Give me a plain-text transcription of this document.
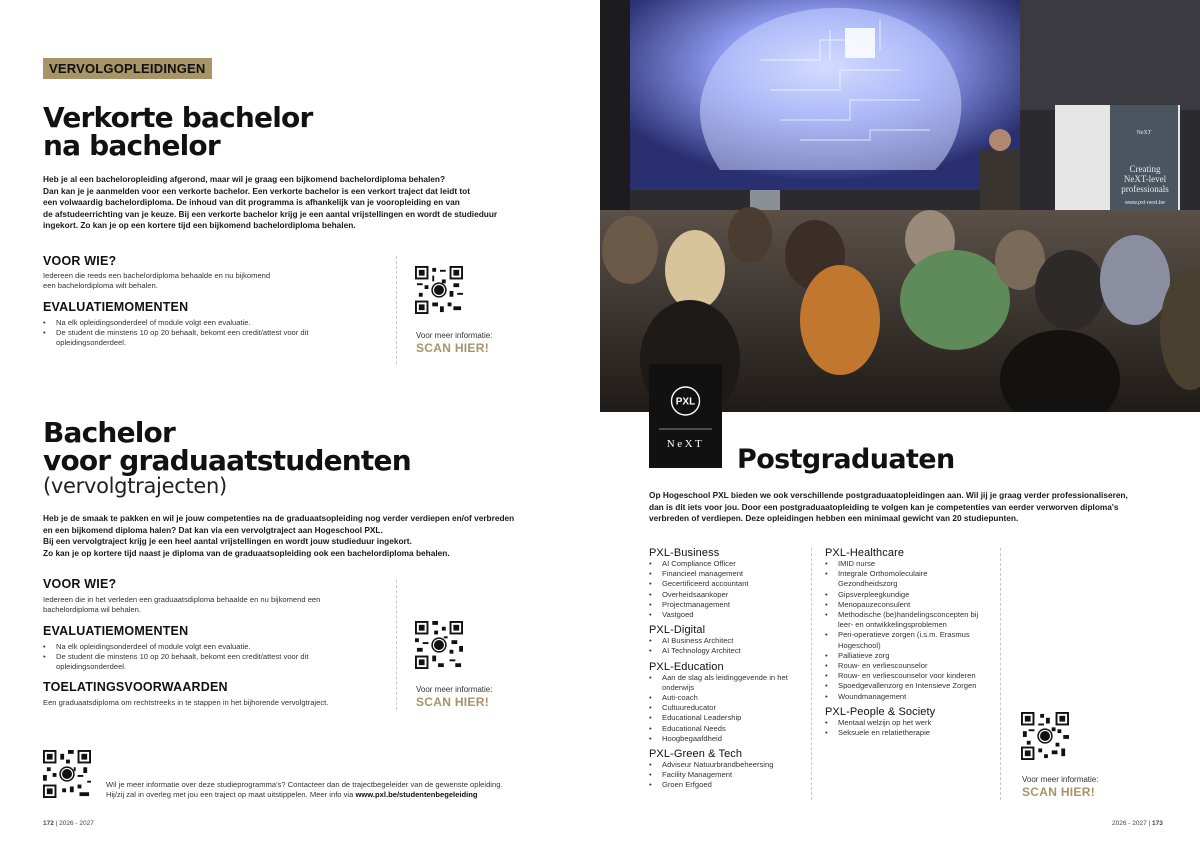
VERVOLGOPLEIDINGEN
Verkorte bachelor
na bachelor
Heb je al een bacheloropleiding afgerond, maar wil je graag een bijkomend bachelordiploma behalen?
Dan kan je je aanmelden voor een verkorte bachelor. Een verkorte bachelor is een verkort traject dat leidt tot
een volwaardig bachelordiploma. De inhoud van dit programma is afhankelijk van je vooropleiding en van
de afstudeerrichting van je keuze. Bij een verkorte bachelor krijg je een aantal vrijstellingen en wordt de studieduur
ingekort. Zo kan je op een kortere tijd een bijkomend bachelordiploma behalen.
VOOR WIE?
Iedereen die reeds een bachelordiploma behaalde en nu bijkomend
een bachelordiploma wilt behalen.
EVALUATIEMOMENTEN
• Na elk opleidingsonderdeel of module volgt een evaluatie.
• De student die minstens 10 op 20 behaalt, bekomt een credit/attest voor dit opleidingsonderdeel.
Voor meer informatie:
SCAN HIER!
Bachelor
voor graduaatstudenten
(vervolgtrajecten)
Heb je de smaak te pakken en wil je jouw competenties na de graduaatsopleiding nog verder verdiepen en/of verbreden
en een bijkomend diploma halen? Dat kan via een vervolgtraject aan Hogeschool PXL.
Bij een vervolgtraject krijg je een heel aantal vrijstellingen en wordt jouw studieduur ingekort.
Zo kan je op kortere tijd naast je diploma van de graduaatsopleiding ook een bachelordiploma behalen.
VOOR WIE?
Iedereen die in het verleden een graduaatsdiploma behaalde en nu bijkomend een
bachelordiploma wil behalen.
EVALUATIEMOMENTEN
• Na elk opleidingsonderdeel of module volgt een evaluatie.
• De student die minstens 10 op 20 behaalt, bekomt een credit/attest voor dit opleidingsonderdeel.
TOELATINGSVOORWAARDEN
Een graduaatsdiploma om rechtstreeks in te stappen in het bijhorende vervolgtraject.
Voor meer informatie:
SCAN HIER!
Wil je meer informatie over deze studieprogramma's? Contacteer dan de trajectbegeleider van de gewenste opleiding.
Hij/zij zal in overleg met jou een traject op maat uitstippelen. Meer info via www.pxl.be/studentenbegeleiding
172 | 2026 - 2027
Creating
NeXT-level
professionals
www.pxl-next.be
NeXT
PXL
NeXT Postgraduaten
Op Hogeschool PXL bieden we ook verschillende postgraduaatopleidingen aan. Wil jij je graag verder professionaliseren,
dan is dit iets voor jou. Door een postgraduaatopleiding te volgen kan je competenties van eerder verworven diploma's
verbreden of verdiepen. Deze opleidingen hebben een minimaal gewicht van 20 studiepunten.
PXL-Business
• AI Compliance Officer
• Financieel management
• Gecertificeerd accountant
• Overheidsaankoper
• Projectmanagement
• Vastgoed
PXL-Digital
• AI Business Architect
• AI Technology Architect
PXL-Education
• Aan de slag als leidinggevende in het onderwijs
• Auti-coach
• Cultuureducator
• Educational Leadership
• Educational Needs
• Hoogbegaafdheid
PXL-Green & Tech
• Adviseur Natuurbrandbeheersing
• Facility Management
• Groen Erfgoed
PXL-Healthcare
• IMID nurse
• Integrale Orthomoleculaire Gezondheidszorg
• Gipsverpleegkundige
• Menopauzeconsulent
• Methodische (be)handelingsconcepten bij leer- en ontwikkelingsproblemen
• Peri-operatieve zorgen (i.s.m. Erasmus Hogeschool)
• Palliatieve zorg
• Rouw- en verliescounselor
• Rouw- en verliescounselor voor kinderen
• Spoedgevallenzorg en Intensieve Zorgen
• Woundmanagement
PXL-People & Society
• Mentaal welzijn op het werk
• Seksuele en relatietherapie
Voor meer informatie:
SCAN HIER!
2026 - 2027 | 173
